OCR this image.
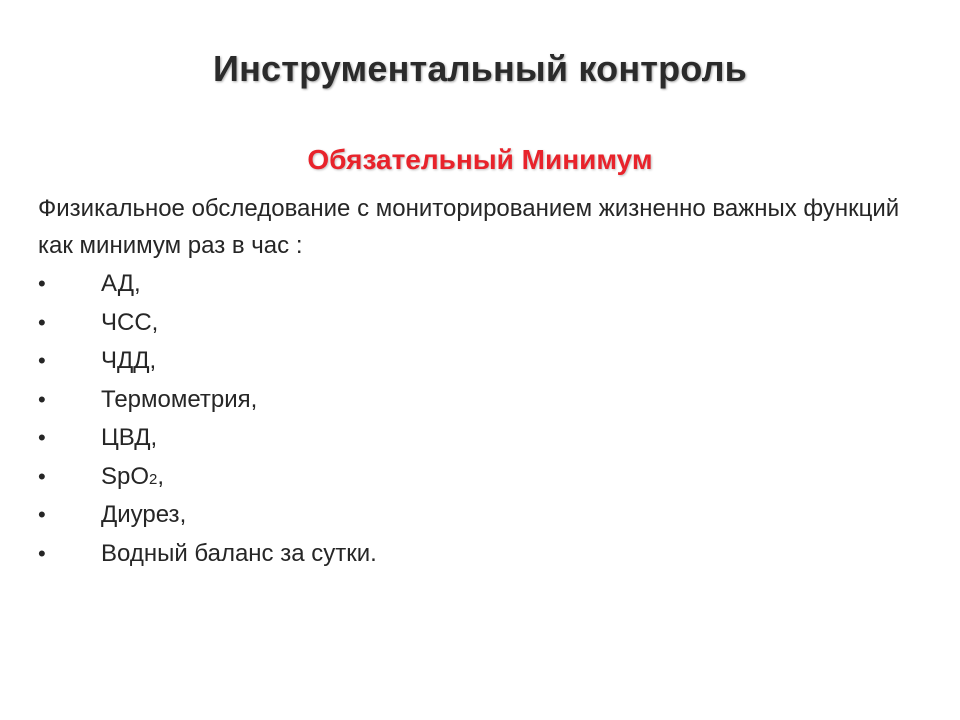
Инструментальный контроль
Обязательный Минимум
Физикальное обследование с мониторированием жизненно важных функций как минимум раз в час :
• АД,
• ЧСС,
• ЧДД,
• Термометрия,
• ЦВД,
• SpO2,
• Диурез,
• Водный баланс за сутки.
